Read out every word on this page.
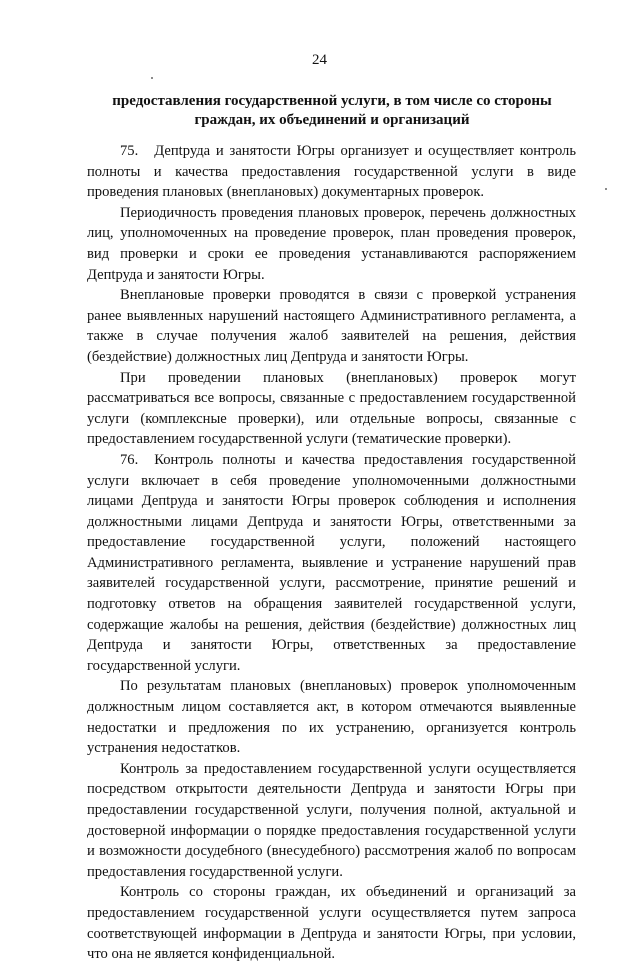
24
предоставления государственной услуги, в том числе со стороны граждан, их объединений и организаций

75. Депtруда и занятости Югры организует и осуществляет контроль полноты и качества предоставления государственной услуги в виде проведения плановых (внеплановых) документарных проверок.

Периодичность проведения плановых проверок, перечень должностных лиц, уполномоченных на проведение проверок, план проведения проверок, вид проверки и сроки ее проведения устанавливаются распоряжением Депtруда и занятости Югры.

Внеплановые проверки проводятся в связи с проверкой устранения ранее выявленных нарушений настоящего Административного регламента, а также в случае получения жалоб заявителей на решения, действия (бездействие) должностных лиц Депtруда и занятости Югры.

При проведении плановых (внеплановых) проверок могут рассматриваться все вопросы, связанные с предоставлением государственной услуги (комплексные проверки), или отдельные вопросы, связанные с предоставлением государственной услуги (тематические проверки).

76. Контроль полноты и качества предоставления государственной услуги включает в себя проведение уполномоченными должностными лицами Депtруда и занятости Югры проверок соблюдения и исполнения должностными лицами Депtруда и занятости Югры, ответственными за предоставление государственной услуги, положений настоящего Административного регламента, выявление и устранение нарушений прав заявителей государственной услуги, рассмотрение, принятие решений и подготовку ответов на обращения заявителей государственной услуги, содержащие жалобы на решения, действия (бездействие) должностных лиц Депtруда и занятости Югры, ответственных за предоставление государственной услуги.

По результатам плановых (внеплановых) проверок уполномоченным должностным лицом составляется акт, в котором отмечаются выявленные недостатки и предложения по их устранению, организуется контроль устранения недостатков.

Контроль за предоставлением государственной услуги осуществляется посредством открытости деятельности Депtруда и занятости Югры при предоставлении государственной услуги, получения полной, актуальной и достоверной информации о порядке предоставления государственной услуги и возможности досудебного (внесудебного) рассмотрения жалоб по вопросам предоставления государственной услуги.

Контроль со стороны граждан, их объединений и организаций за предоставлением государственной услуги осуществляется путем запроса соответствующей информации в Депtруда и занятости Югры, при условии, что она не является конфиденциальной.
